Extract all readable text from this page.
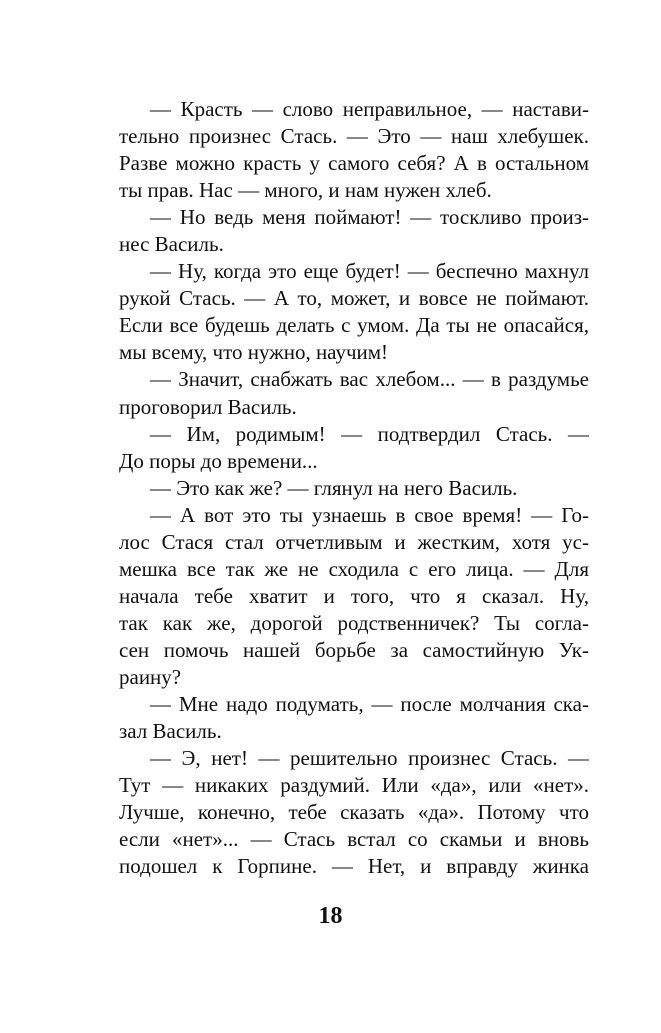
— Красть — слово неправильное, — настави-
тельно произнес Стась. — Это — наш хлебушек.
Разве можно красть у самого себя? А в остальном
ты прав. Нас — много, и нам нужен хлеб.
— Но ведь меня поймают! — тоскливо произ-
нес Василь.
— Ну, когда это еще будет! — беспечно махнул
рукой Стась. — А то, может, и вовсе не поймают.
Если все будешь делать с умом. Да ты не опасайся,
мы всему, что нужно, научим!
— Значит, снабжать вас хлебом... — в раздумье
проговорил Василь.
— Им, родимым! — подтвердил Стась. —
До поры до времени...
— Это как же? — глянул на него Василь.
— А вот это ты узнаешь в свое время! — Го-
лос Стася стал отчетливым и жестким, хотя ус-
мешка все так же не сходила с его лица. — Для
начала тебе хватит и того, что я сказал. Ну,
так как же, дорогой родственничек? Ты согла-
сен помочь нашей борьбе за самостийную Ук-
раину?
— Мне надо подумать, — после молчания ска-
зал Василь.
— Э, нет! — решительно произнес Стась. —
Тут — никаких раздумий. Или «да», или «нет».
Лучше, конечно, тебе сказать «да». Потому что
если «нет»... — Стась встал со скамьи и вновь
подошел к Горпине. — Нет, и вправду жинка
18
